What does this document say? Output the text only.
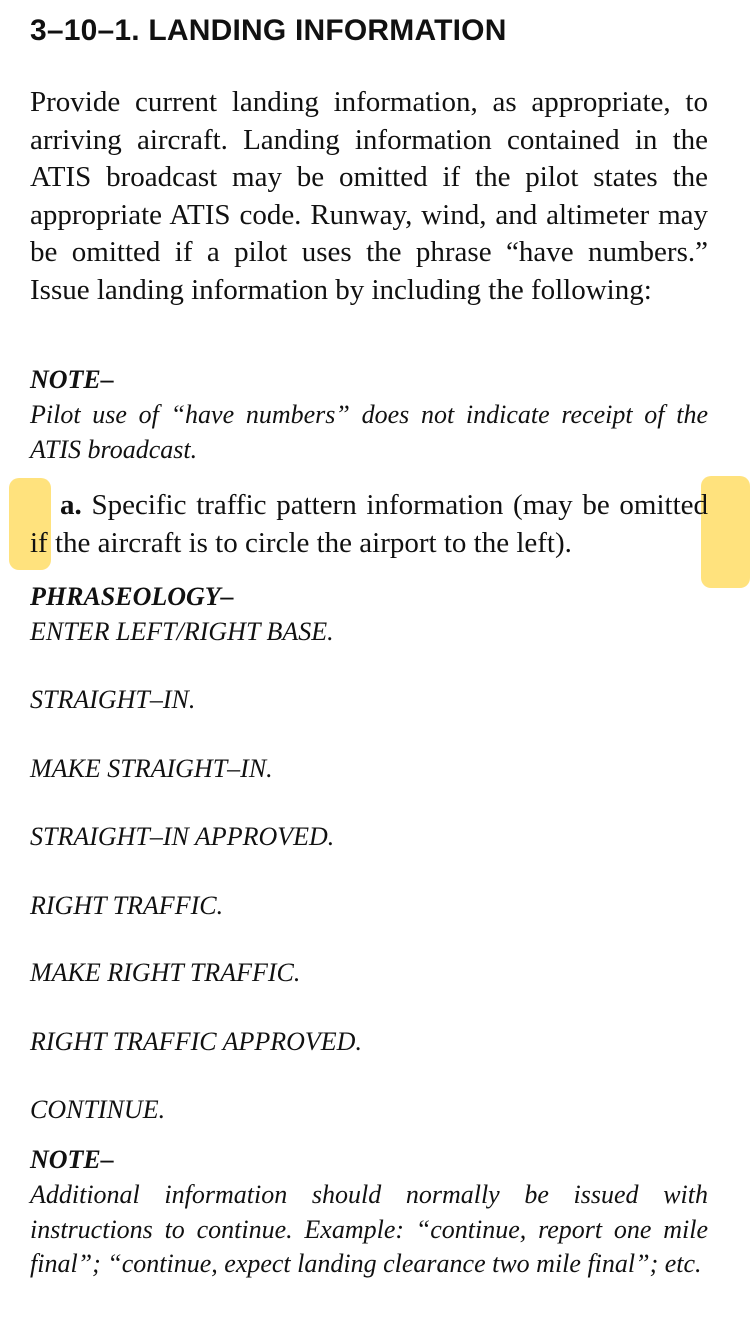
3–10–1. LANDING INFORMATION
Provide current landing information, as appropriate, to arriving aircraft. Landing information contained in the ATIS broadcast may be omitted if the pilot states the appropriate ATIS code. Runway, wind, and altimeter may be omitted if a pilot uses the phrase “have numbers.” Issue landing information by including the following:
NOTE–
Pilot use of “have numbers” does not indicate receipt of the ATIS broadcast.
a. Specific traffic pattern information (may be omitted if the aircraft is to circle the airport to the left).
PHRASEOLOGY–
ENTER LEFT/RIGHT BASE.
STRAIGHT–IN.
MAKE STRAIGHT–IN.
STRAIGHT–IN APPROVED.
RIGHT TRAFFIC.
MAKE RIGHT TRAFFIC.
RIGHT TRAFFIC APPROVED.
CONTINUE.
NOTE–
Additional information should normally be issued with instructions to continue. Example: “continue, report one mile final”; “continue, expect landing clearance two mile final”; etc.
